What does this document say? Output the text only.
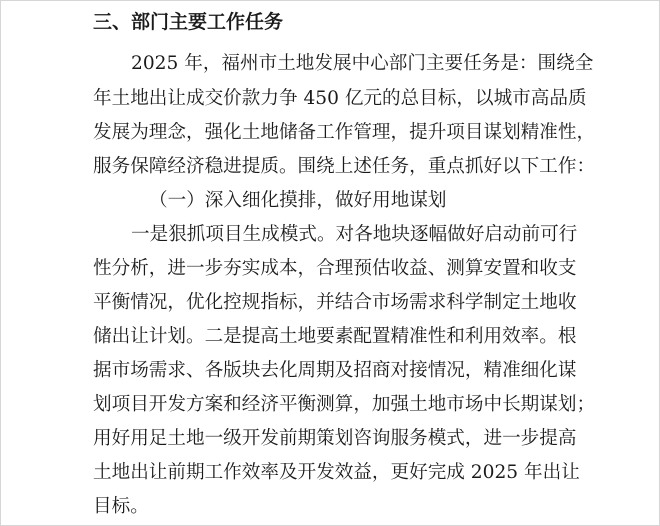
三、部门主要工作任务
2025 年，福州市土地发展中心部门主要任务是：围绕全
年土地出让成交价款力争 450 亿元的总目标，以城市高品质
发展为理念，强化土地储备工作管理，提升项目谋划精准性，
服务保障经济稳进提质。围绕上述任务，重点抓好以下工作：
（一）深入细化摸排，做好用地谋划
一是狠抓项目生成模式。对各地块逐幅做好启动前可行
性分析，进一步夯实成本，合理预估收益、测算安置和收支
平衡情况，优化控规指标，并结合市场需求科学制定土地收
储出让计划。二是提高土地要素配置精准性和利用效率。根
据市场需求、各版块去化周期及招商对接情况，精准细化谋
划项目开发方案和经济平衡测算，加强土地市场中长期谋划；
用好用足土地一级开发前期策划咨询服务模式，进一步提高
土地出让前期工作效率及开发效益，更好完成 2025 年出让
目标。
